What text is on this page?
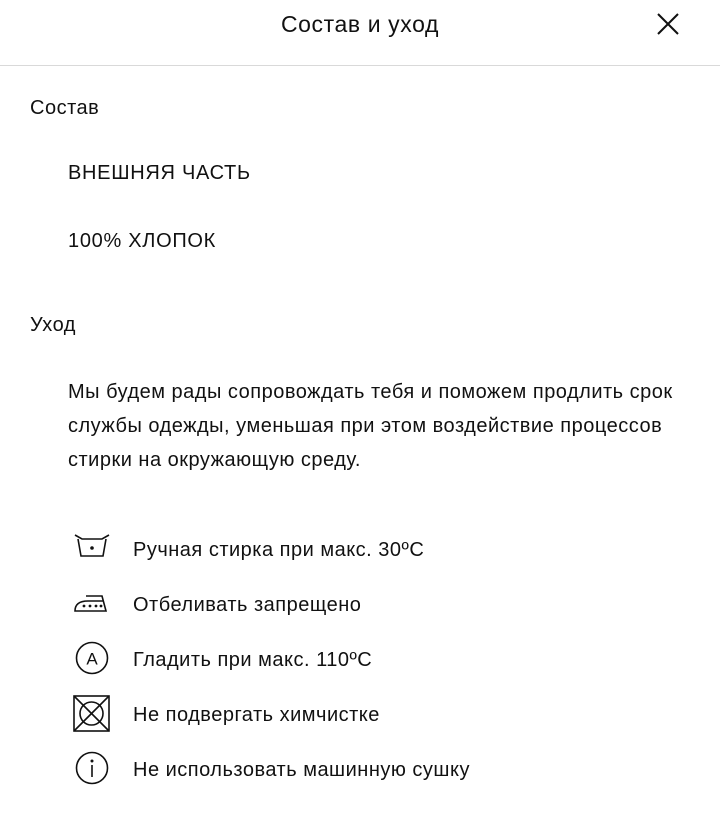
Состав и уход
Состав
ВНЕШНЯЯ ЧАСТЬ
100% ХЛОПОК
Уход
Мы будем рады сопровождать тебя и поможем продлить срок службы одежды, уменьшая при этом воздействие процессов стирки на окружающую среду.
Ручная стирка при макс. 30ºC
Отбеливать запрещено
A Гладить при макс. 110ºC
Не подвергать химчистке
Не использовать машинную сушку
